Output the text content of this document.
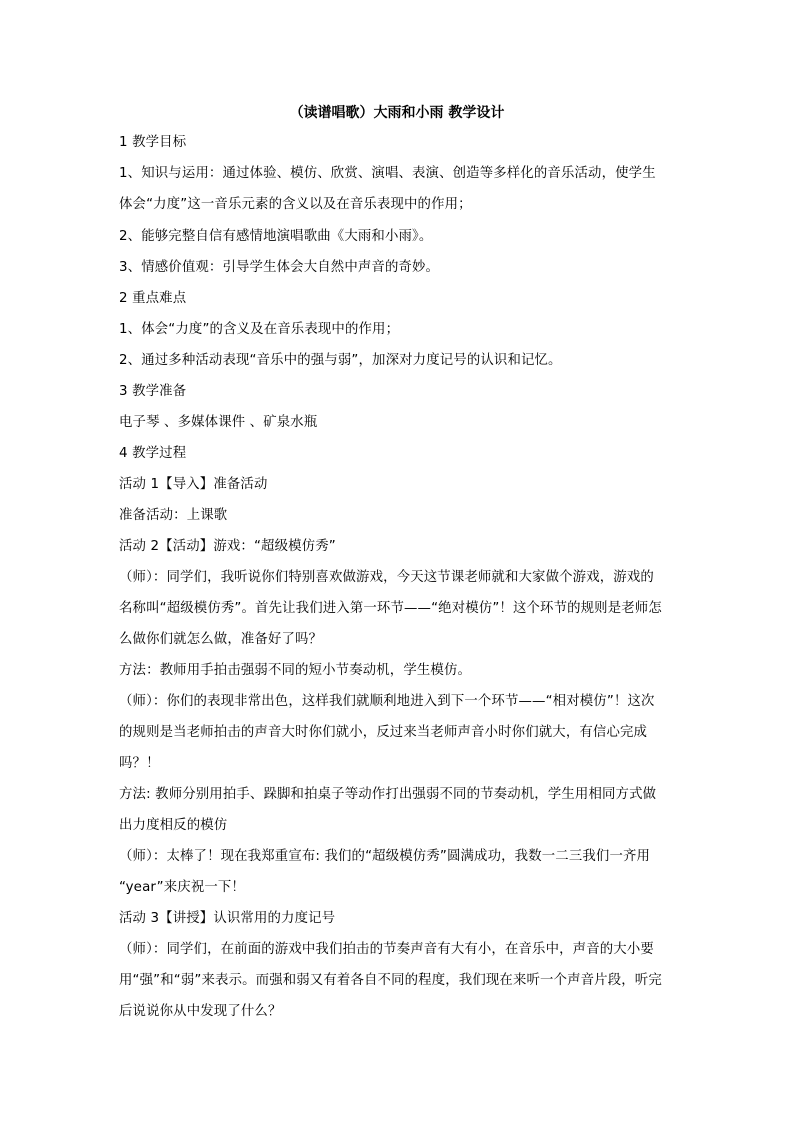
（读谱唱歌）大雨和小雨 教学设计
1 教学目标
1、知识与运用：通过体验、模仿、欣赏、演唱、表演、创造等多样化的音乐活动，使学生
体会“力度”这一音乐元素的含义以及在音乐表现中的作用；
2、能够完整自信有感情地演唱歌曲《大雨和小雨》。
3、情感价值观：引导学生体会大自然中声音的奇妙。
2 重点难点
1、体会“力度”的含义及在音乐表现中的作用；
2、通过多种活动表现“音乐中的强与弱”，加深对力度记号的认识和记忆。
3 教学准备
电子琴 、多媒体课件 、矿泉水瓶
4 教学过程
活动 1【导入】准备活动
准备活动：上课歌
活动 2【活动】游戏：“超级模仿秀”
（师）：同学们，我听说你们特别喜欢做游戏，今天这节课老师就和大家做个游戏，游戏的
名称叫“超级模仿秀”。首先让我们进入第一环节——“绝对模仿”！这个环节的规则是老师怎
么做你们就怎么做，准备好了吗？
方法：教师用手拍击强弱不同的短小节奏动机，学生模仿。
（师）：你们的表现非常出色，这样我们就顺利地进入到下一个环节——“相对模仿”！这次
的规则是当老师拍击的声音大时你们就小，反过来当老师声音小时你们就大，有信心完成
吗？！
方法: 教师分别用拍手、跺脚和拍桌子等动作打出强弱不同的节奏动机，学生用相同方式做
出力度相反的模仿
（师）：太棒了！现在我郑重宣布: 我们的“超级模仿秀”圆满成功，我数一二三我们一齐用
“year”来庆祝一下！
活动 3【讲授】认识常用的力度记号
（师）：同学们，在前面的游戏中我们拍击的节奏声音有大有小，在音乐中，声音的大小要
用“强”和“弱”来表示。而强和弱又有着各自不同的程度，我们现在来听一个声音片段，听完
后说说你从中发现了什么？
